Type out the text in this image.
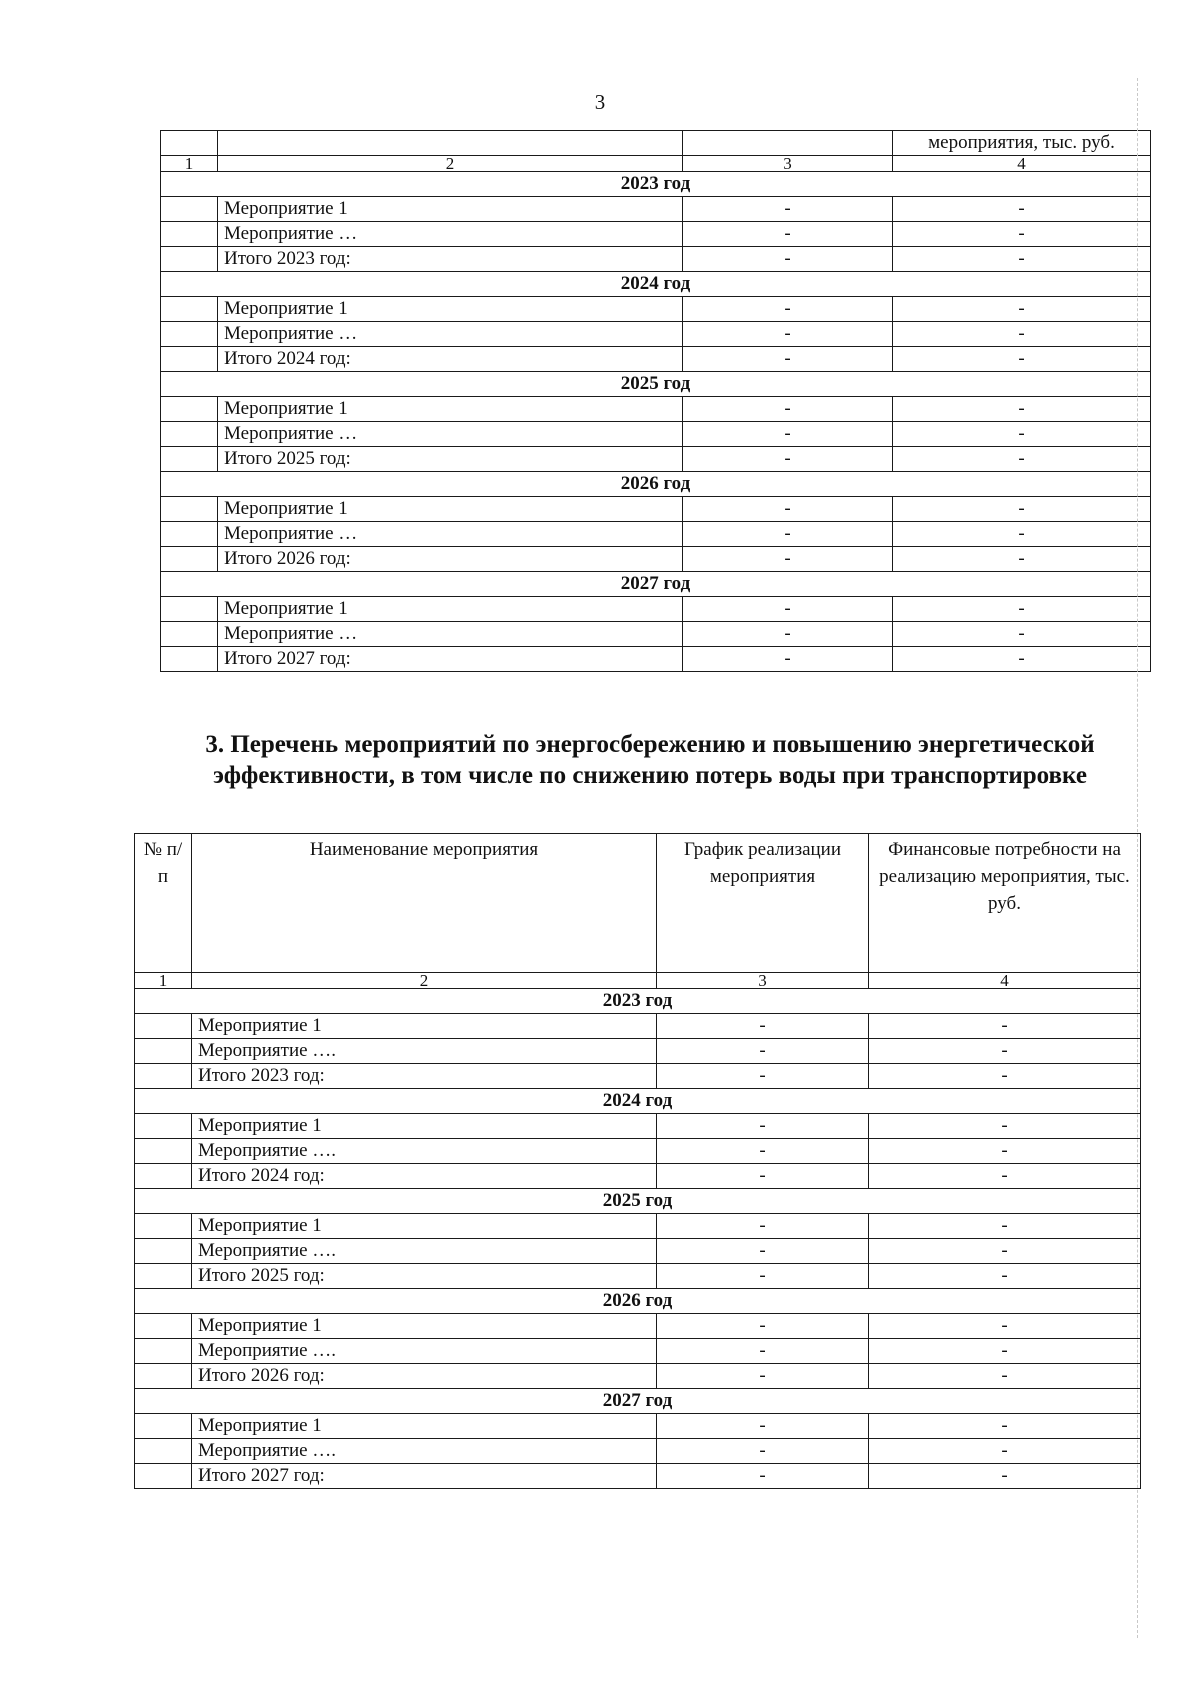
3
			мероприятия, тыс. руб.
1	2	3	4
2023 год			
	Мероприятие 1	-	-
	Мероприятие …	-	-
	Итого 2023 год:	-	-
2024 год			
	Мероприятие 1	-	-
	Мероприятие …	-	-
	Итого 2024 год:	-	-
2025 год			
	Мероприятие 1	-	-
	Мероприятие …	-	-
	Итого 2025 год:	-	-
2026 год			
	Мероприятие 1	-	-
	Мероприятие …	-	-
	Итого 2026 год:	-	-
2027 год			
	Мероприятие 1	-	-
	Мероприятие …	-	-
	Итого 2027 год:	-	-
3. Перечень мероприятий по энергосбережению и повышению энергетической эффективности, в том числе по снижению потерь воды при транспортировке
№ п/п	Наименование мероприятия	График реализации мероприятия	Финансовые потребности на реализацию мероприятия, тыс. руб.
1	2	3	4
2023 год			
	Мероприятие 1	-	-
	Мероприятие ….	-	-
	Итого 2023 год:	-	-
2024 год			
	Мероприятие 1	-	-
	Мероприятие ….	-	-
	Итого 2024 год:	-	-
2025 год			
	Мероприятие 1	-	-
	Мероприятие ….	-	-
	Итого 2025 год:	-	-
2026 год			
	Мероприятие 1	-	-
	Мероприятие ….	-	-
	Итого 2026 год:	-	-
2027 год			
	Мероприятие 1	-	-
	Мероприятие ….	-	-
	Итого 2027 год:	-	-
